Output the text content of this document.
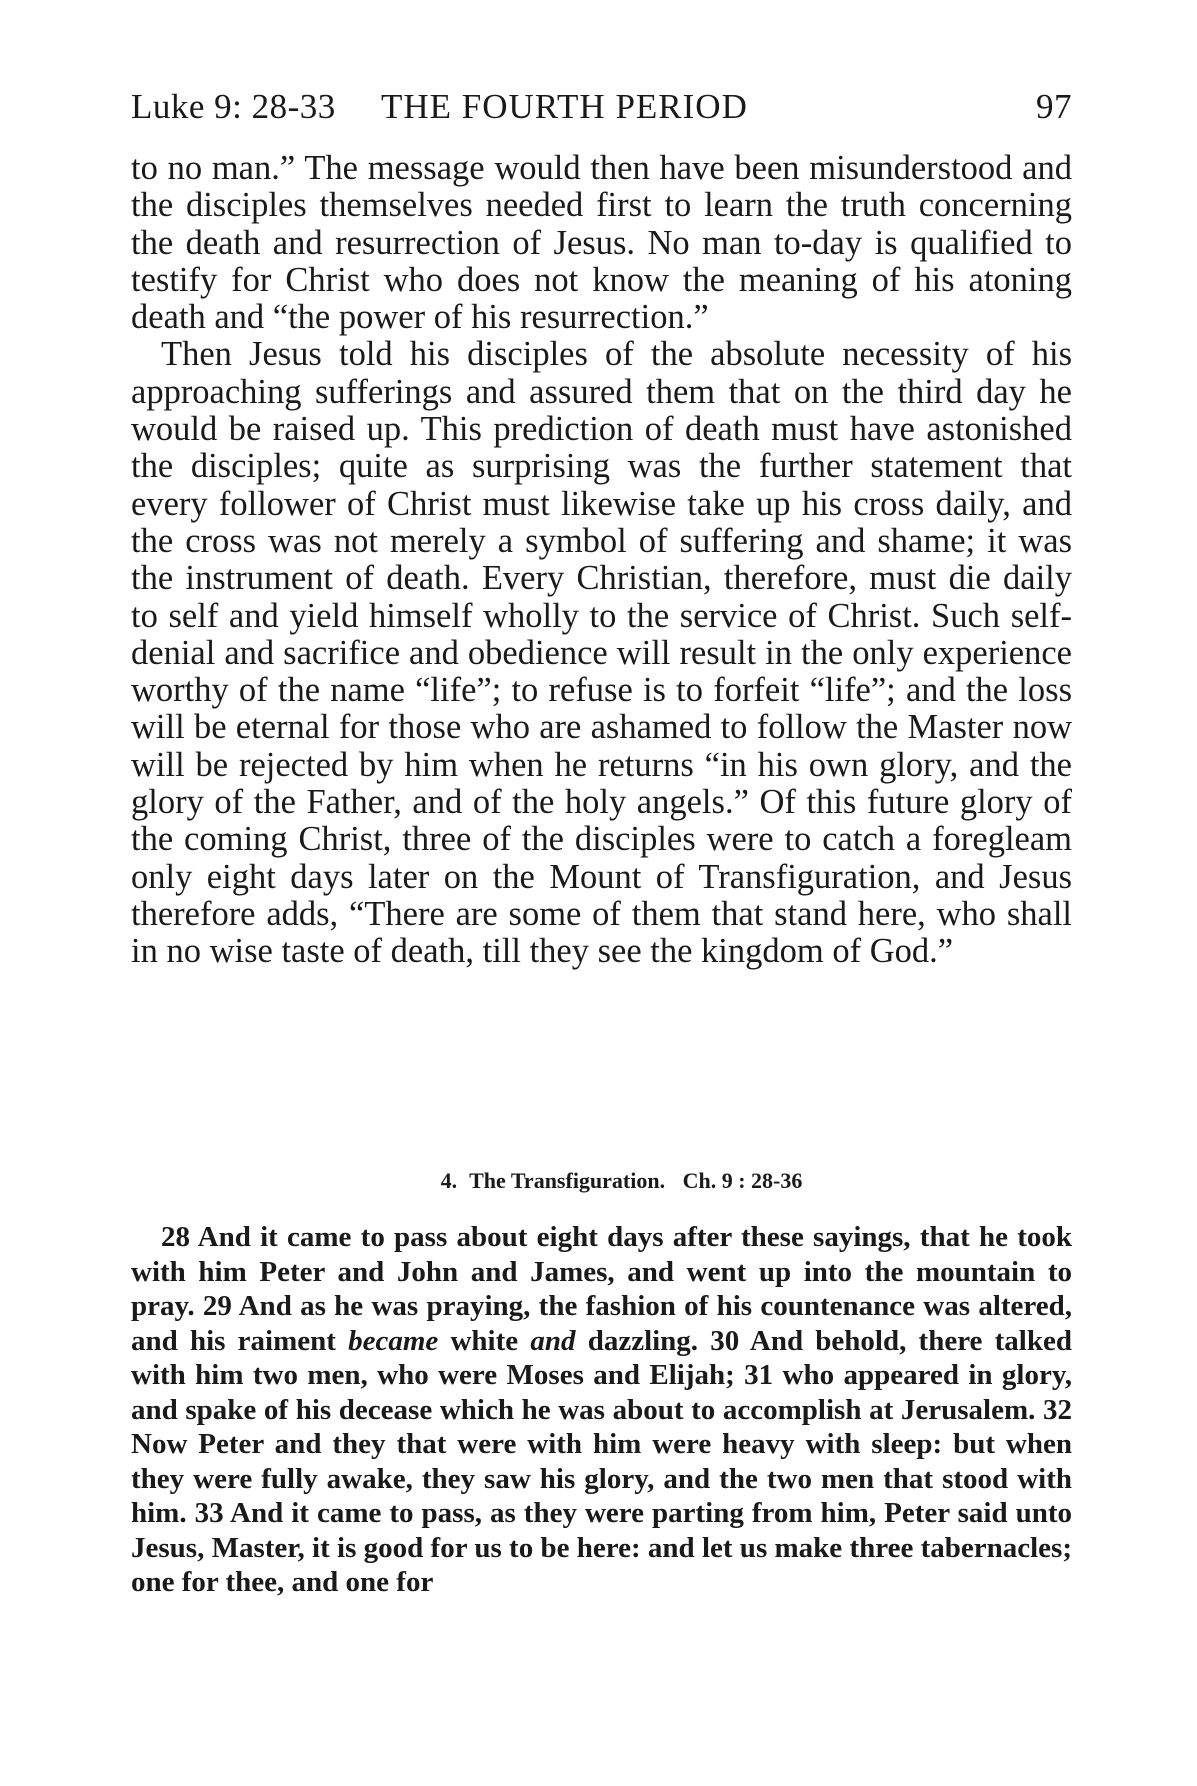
Luke 9: 28-33 THE FOURTH PERIOD	97

to no man.” The message would then have been misunderstood and the disciples themselves needed first to learn the truth concerning the death and resurrection of Jesus. No man to-day is qualified to testify for Christ who does not know the meaning of his atoning death and “the power of his resurrection.”

Then Jesus told his disciples of the absolute necessity of his approaching sufferings and assured them that on the third day he would be raised up. This prediction of death must have astonished the disciples; quite as surprising was the further statement that every follower of Christ must likewise take up his cross daily, and the cross was not merely a symbol of suffering and shame; it was the instrument of death. Every Christian, therefore, must die daily to self and yield himself wholly to the service of Christ. Such self-denial and sacrifice and obedience will result in the only experience worthy of the name “life”; to refuse is to forfeit “life”; and the loss will be eternal for those who are ashamed to follow the Master now will be rejected by him when he returns “in his own glory, and the glory of the Father, and of the holy angels.” Of this future glory of the coming Christ, three of the disciples were to catch a foregleam only eight days later on the Mount of Transfiguration, and Jesus therefore adds, “There are some of them that stand here, who shall in no wise taste of death, till they see the kingdom of God.”

4. The Transfiguration. Ch. 9 : 28-36

28 And it came to pass about eight days after these sayings, that he took with him Peter and John and James, and went up into the mountain to pray. 29 And as he was praying, the fashion of his countenance was altered, and his raiment became white and dazzling. 30 And behold, there talked with him two men, who were Moses and Elijah; 31 who appeared in glory, and spake of his decease which he was about to accomplish at Jerusalem. 32 Now Peter and they that were with him were heavy with sleep: but when they were fully awake, they saw his glory, and the two men that stood with him. 33 And it came to pass, as they were parting from him, Peter said unto Jesus, Master, it is good for us to be here: and let us make three tabernacles; one for thee, and one for
